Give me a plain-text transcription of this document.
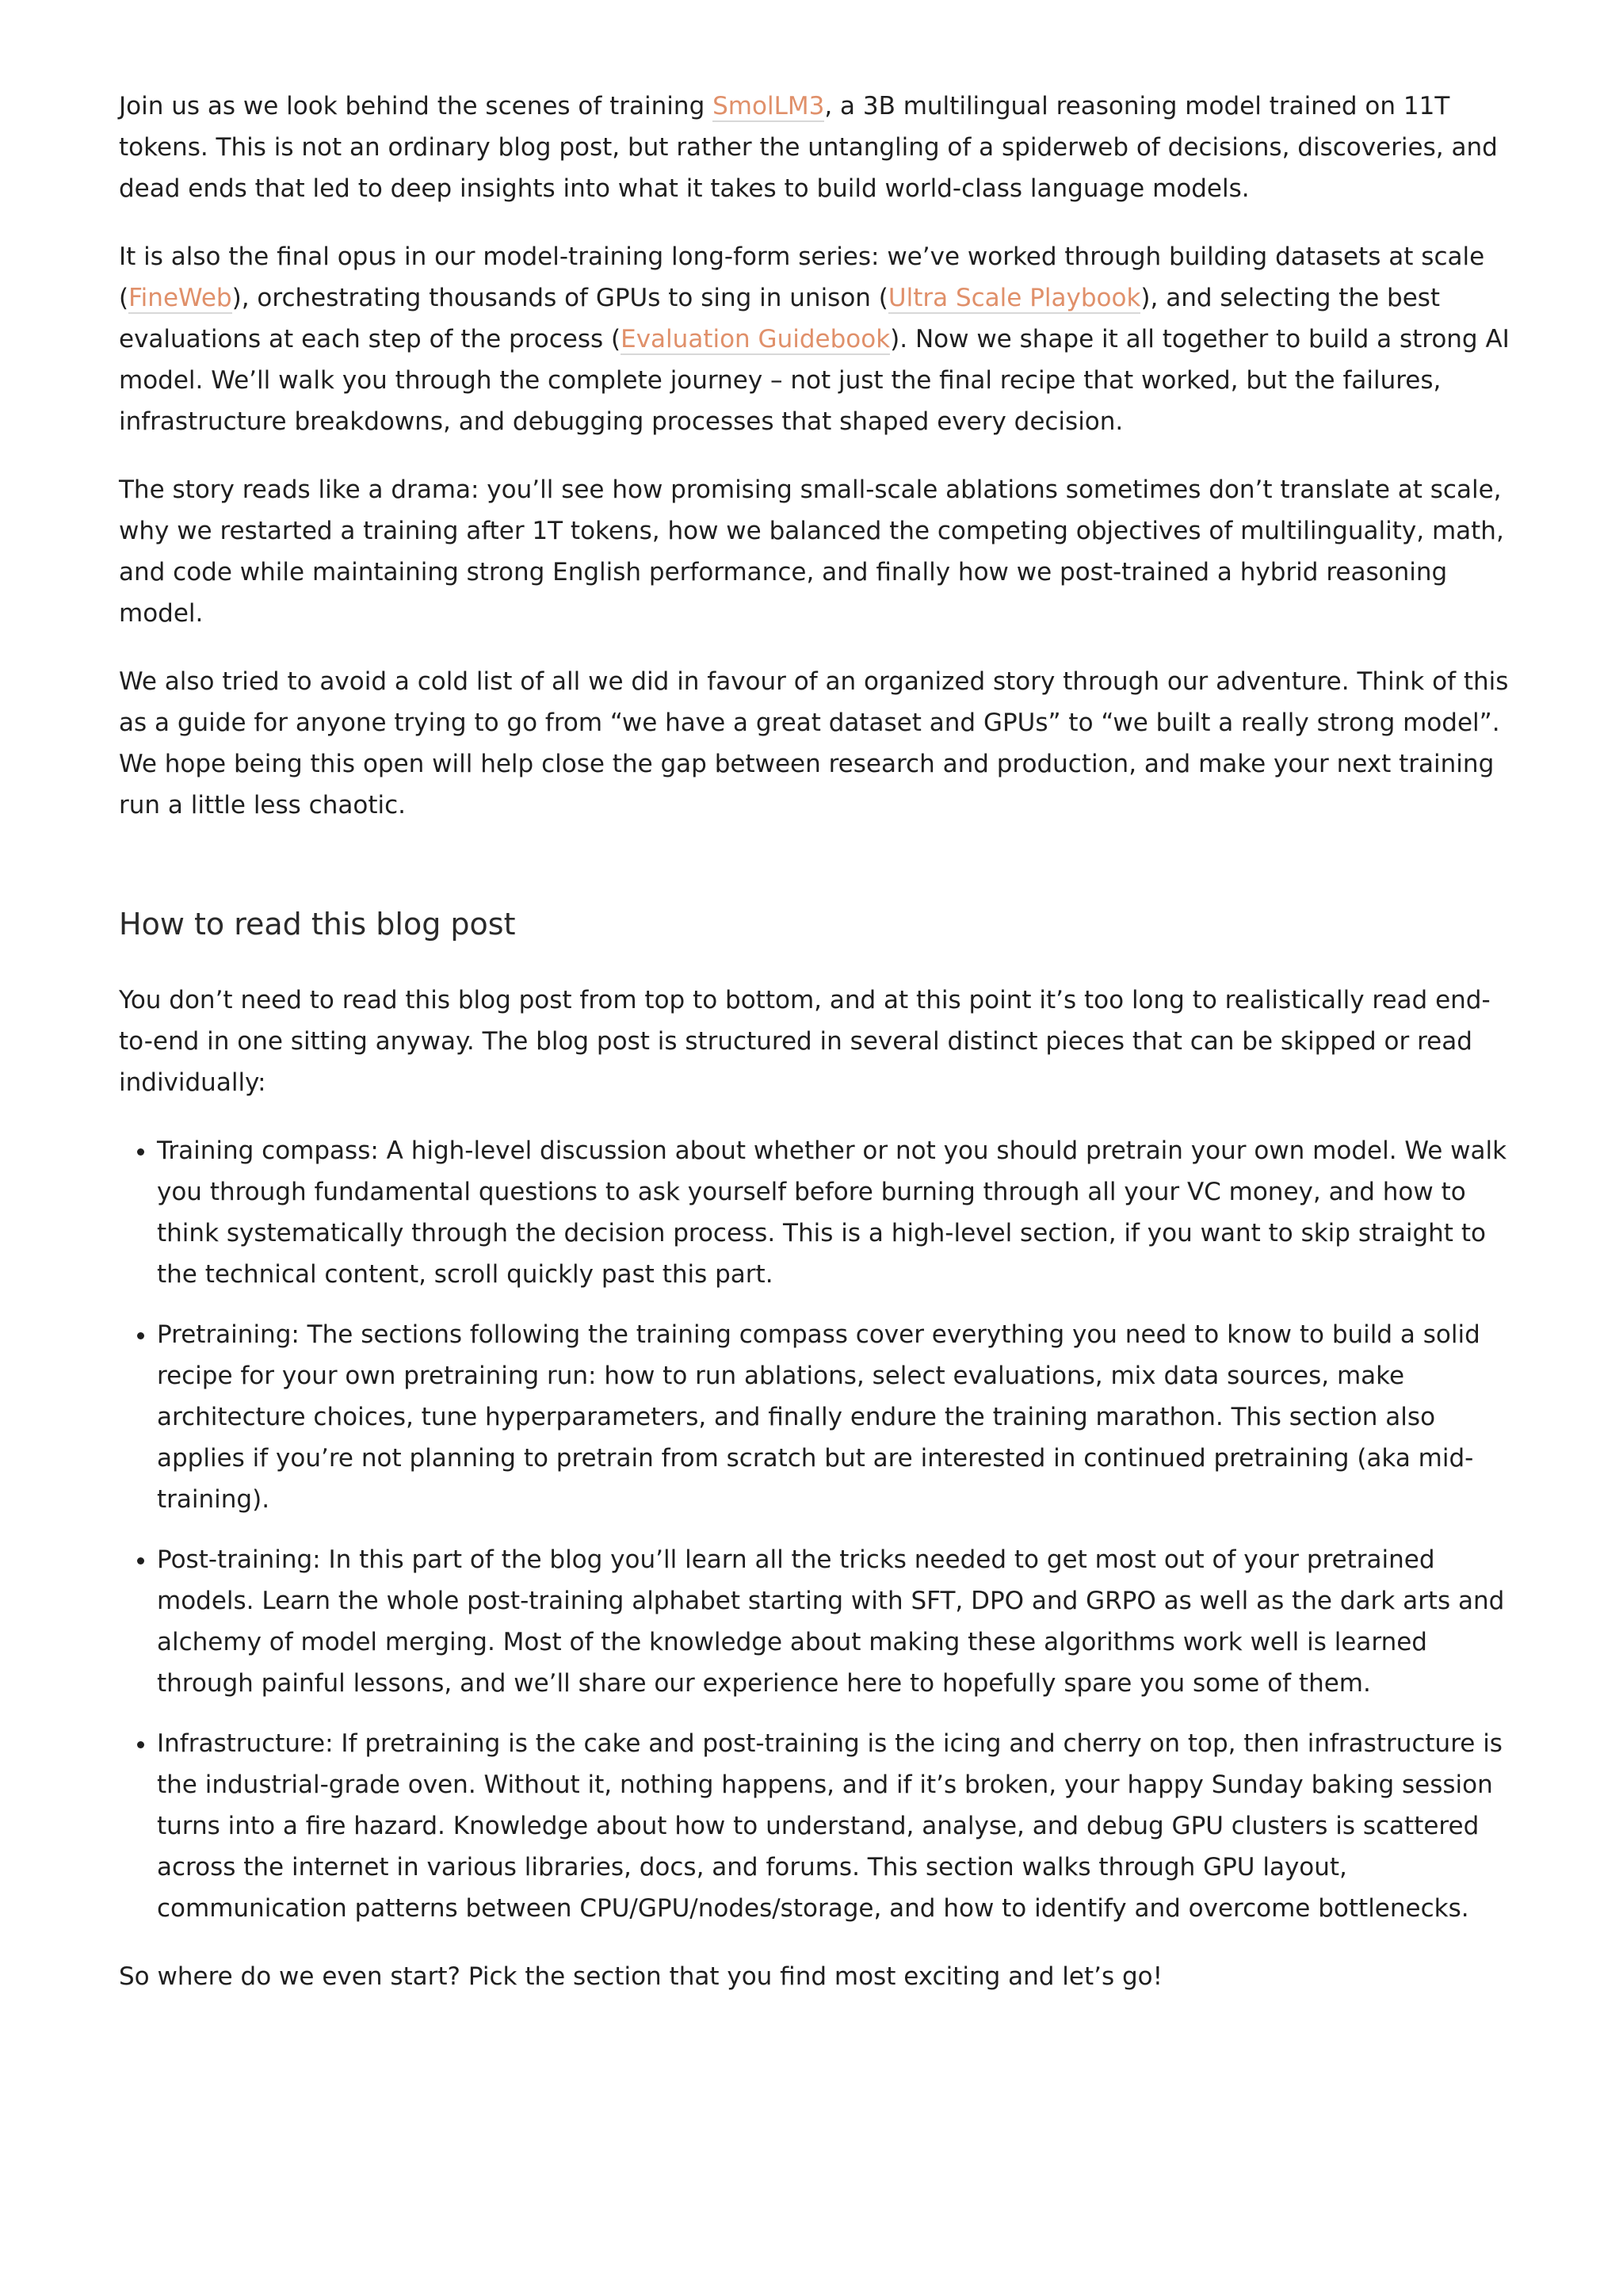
Join us as we look behind the scenes of training SmolLM3, a 3B multilingual reasoning model trained on 11T tokens. This is not an ordinary blog post, but rather the untangling of a spiderweb of decisions, discoveries, and dead ends that led to deep insights into what it takes to build world-class language models.

It is also the final opus in our model-training long-form series: we’ve worked through building datasets at scale (FineWeb), orchestrating thousands of GPUs to sing in unison (Ultra Scale Playbook), and selecting the best evaluations at each step of the process (Evaluation Guidebook). Now we shape it all together to build a strong AI model. We’ll walk you through the complete journey – not just the final recipe that worked, but the failures, infrastructure breakdowns, and debugging processes that shaped every decision.

The story reads like a drama: you’ll see how promising small-scale ablations sometimes don’t translate at scale, why we restarted a training after 1T tokens, how we balanced the competing objectives of multilinguality, math, and code while maintaining strong English performance, and finally how we post-trained a hybrid reasoning model.

We also tried to avoid a cold list of all we did in favour of an organized story through our adventure. Think of this as a guide for anyone trying to go from “we have a great dataset and GPUs” to “we built a really strong model”. We hope being this open will help close the gap between research and production, and make your next training run a little less chaotic.

How to read this blog post

You don’t need to read this blog post from top to bottom, and at this point it’s too long to realistically read end-to-end in one sitting anyway. The blog post is structured in several distinct pieces that can be skipped or read individually:

• Training compass: A high-level discussion about whether or not you should pretrain your own model. We walk you through fundamental questions to ask yourself before burning through all your VC money, and how to think systematically through the decision process. This is a high-level section, if you want to skip straight to the technical content, scroll quickly past this part.
• Pretraining: The sections following the training compass cover everything you need to know to build a solid recipe for your own pretraining run: how to run ablations, select evaluations, mix data sources, make architecture choices, tune hyperparameters, and finally endure the training marathon. This section also applies if you’re not planning to pretrain from scratch but are interested in continued pretraining (aka mid-training).
• Post-training: In this part of the blog you’ll learn all the tricks needed to get most out of your pretrained models. Learn the whole post-training alphabet starting with SFT, DPO and GRPO as well as the dark arts and alchemy of model merging. Most of the knowledge about making these algorithms work well is learned through painful lessons, and we’ll share our experience here to hopefully spare you some of them.
• Infrastructure: If pretraining is the cake and post-training is the icing and cherry on top, then infrastructure is the industrial-grade oven. Without it, nothing happens, and if it’s broken, your happy Sunday baking session turns into a fire hazard. Knowledge about how to understand, analyse, and debug GPU clusters is scattered across the internet in various libraries, docs, and forums. This section walks through GPU layout, communication patterns between CPU/GPU/nodes/storage, and how to identify and overcome bottlenecks.

So where do we even start? Pick the section that you find most exciting and let’s go!
